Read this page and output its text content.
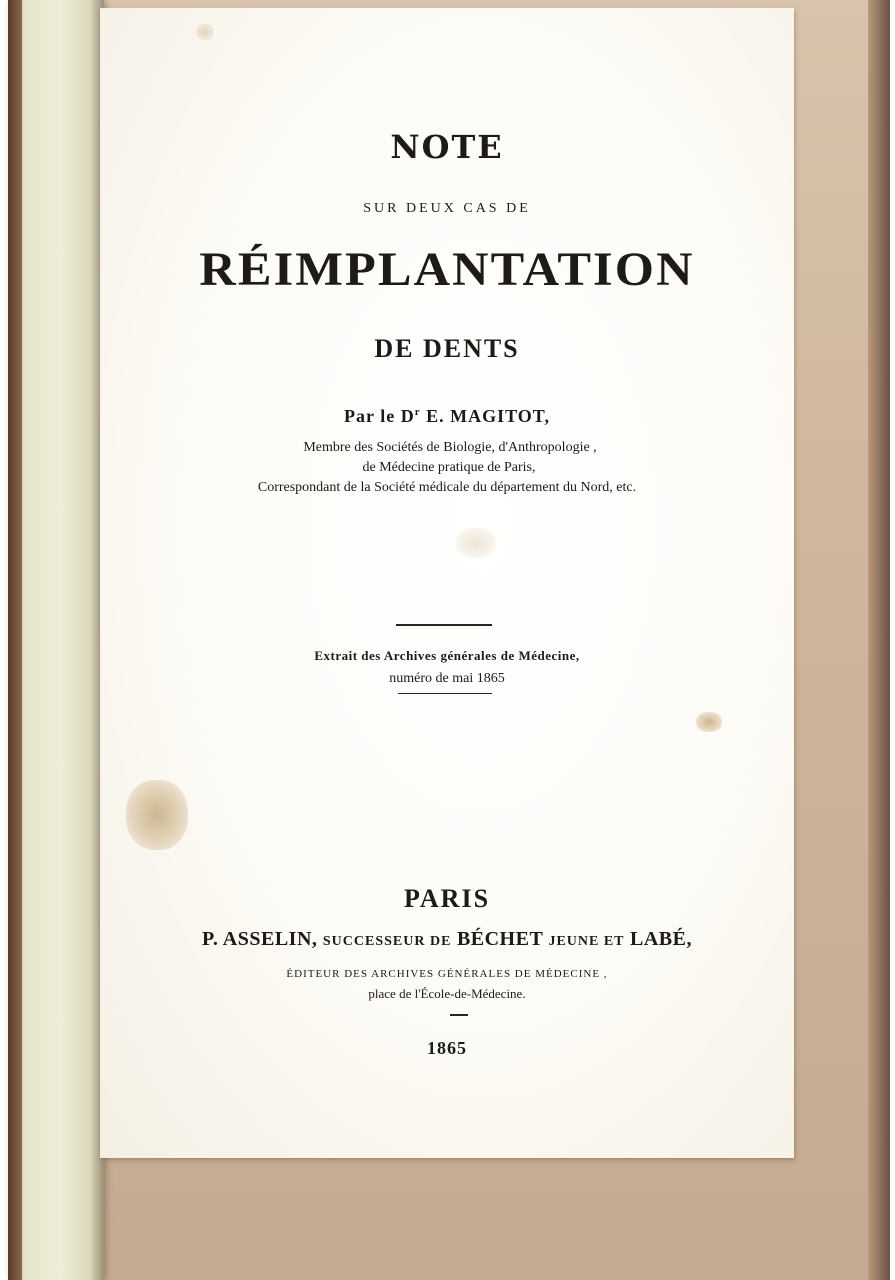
NOTE

SUR DEUX CAS DE

RÉIMPLANTATION

DE DENTS

Par le $D^r$ E. MAGITOT,

Membre des Sociétés de Biologie, d'Anthropologie ,

de Médecine pratique de Paris,

Correspondant de la Société médicale du département du Nord, etc.

Extrait des Archives générales de Médecine,

numéro de mai 1865

PARIS

P. ASSELIN, SUCCESSEUR DE BÉCHET JEUNE ET LABÉ,

ÉDITEUR DES ARCHIVES GÉNÉRALES DE MÉDECINE ,

place de l'École-de-Médecine.

1865
